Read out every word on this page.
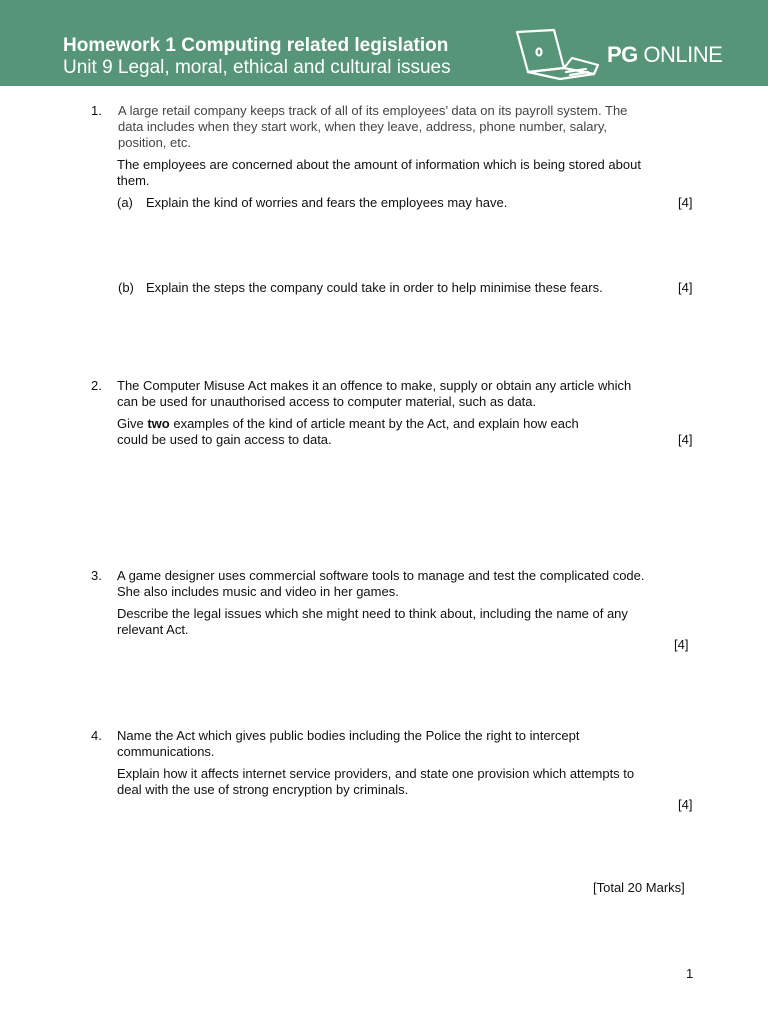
Homework 1 Computing related legislation
Unit 9 Legal, moral, ethical and cultural issues
PG ONLINE
1. A large retail company keeps track of all of its employees’ data on its payroll system. The
data includes when they start work, when they leave, address, phone number, salary,
position, etc.
The employees are concerned about the amount of information which is being stored about
them.
(a) Explain the kind of worries and fears the employees may have.	[4]
(b) Explain the steps the company could take in order to help minimise these fears.	[4]
2. The Computer Misuse Act makes it an offence to make, supply or obtain any article which
can be used for unauthorised access to computer material, such as data.
Give two examples of the kind of article meant by the Act, and explain how each
could be used to gain access to data.	[4]
3. A game designer uses commercial software tools to manage and test the complicated code.
She also includes music and video in her games.
Describe the legal issues which she might need to think about, including the name of any
relevant Act.
[4]
4. Name the Act which gives public bodies including the Police the right to intercept
communications.
Explain how it affects internet service providers, and state one provision which attempts to
deal with the use of strong encryption by criminals.
[4]
[Total 20 Marks]
1
